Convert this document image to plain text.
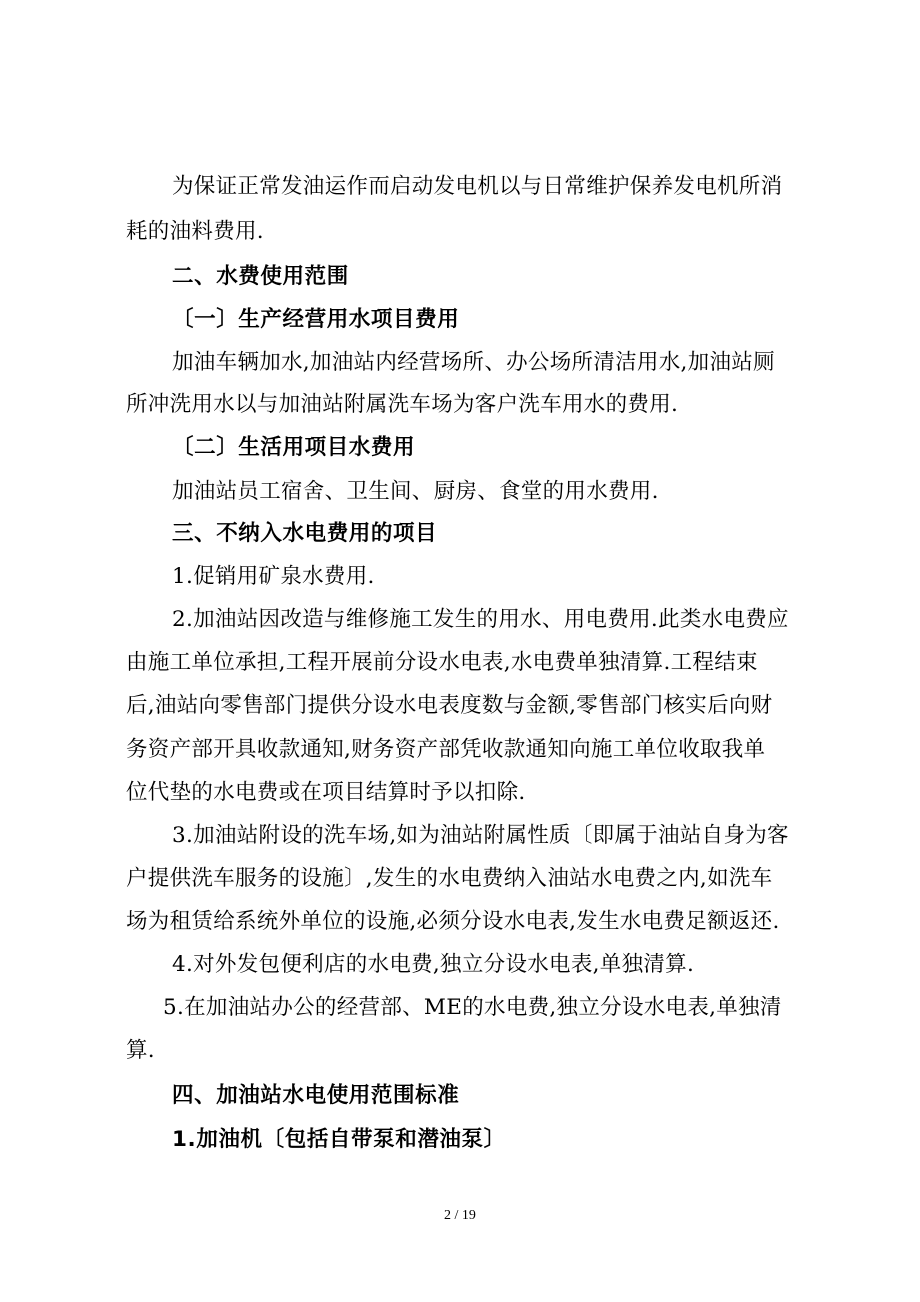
为保证正常发油运作而启动发电机以与日常维护保养发电机所消
耗的油料费用.
二、水费使用范围
〔一〕生产经营用水项目费用
加油车辆加水,加油站内经营场所、办公场所清洁用水,加油站厕
所冲洗用水以与加油站附属洗车场为客户洗车用水的费用.
〔二〕生活用项目水费用
加油站员工宿舍、卫生间、厨房、食堂的用水费用.
三、不纳入水电费用的项目
1.促销用矿泉水费用.
2.加油站因改造与维修施工发生的用水、用电费用.此类水电费应
由施工单位承担,工程开展前分设水电表,水电费单独清算.工程结束
后,油站向零售部门提供分设水电表度数与金额,零售部门核实后向财
务资产部开具收款通知,财务资产部凭收款通知向施工单位收取我单
位代垫的水电费或在项目结算时予以扣除.
3.加油站附设的洗车场,如为油站附属性质〔即属于油站自身为客
户提供洗车服务的设施〕,发生的水电费纳入油站水电费之内,如洗车
场为租赁给系统外单位的设施,必须分设水电表,发生水电费足额返还.
4.对外发包便利店的水电费,独立分设水电表,单独清算.
5.在加油站办公的经营部、ME的水电费,独立分设水电表,单独清
算.
四、加油站水电使用范围标准
1.加油机〔包括自带泵和潜油泵〕
2 / 19
